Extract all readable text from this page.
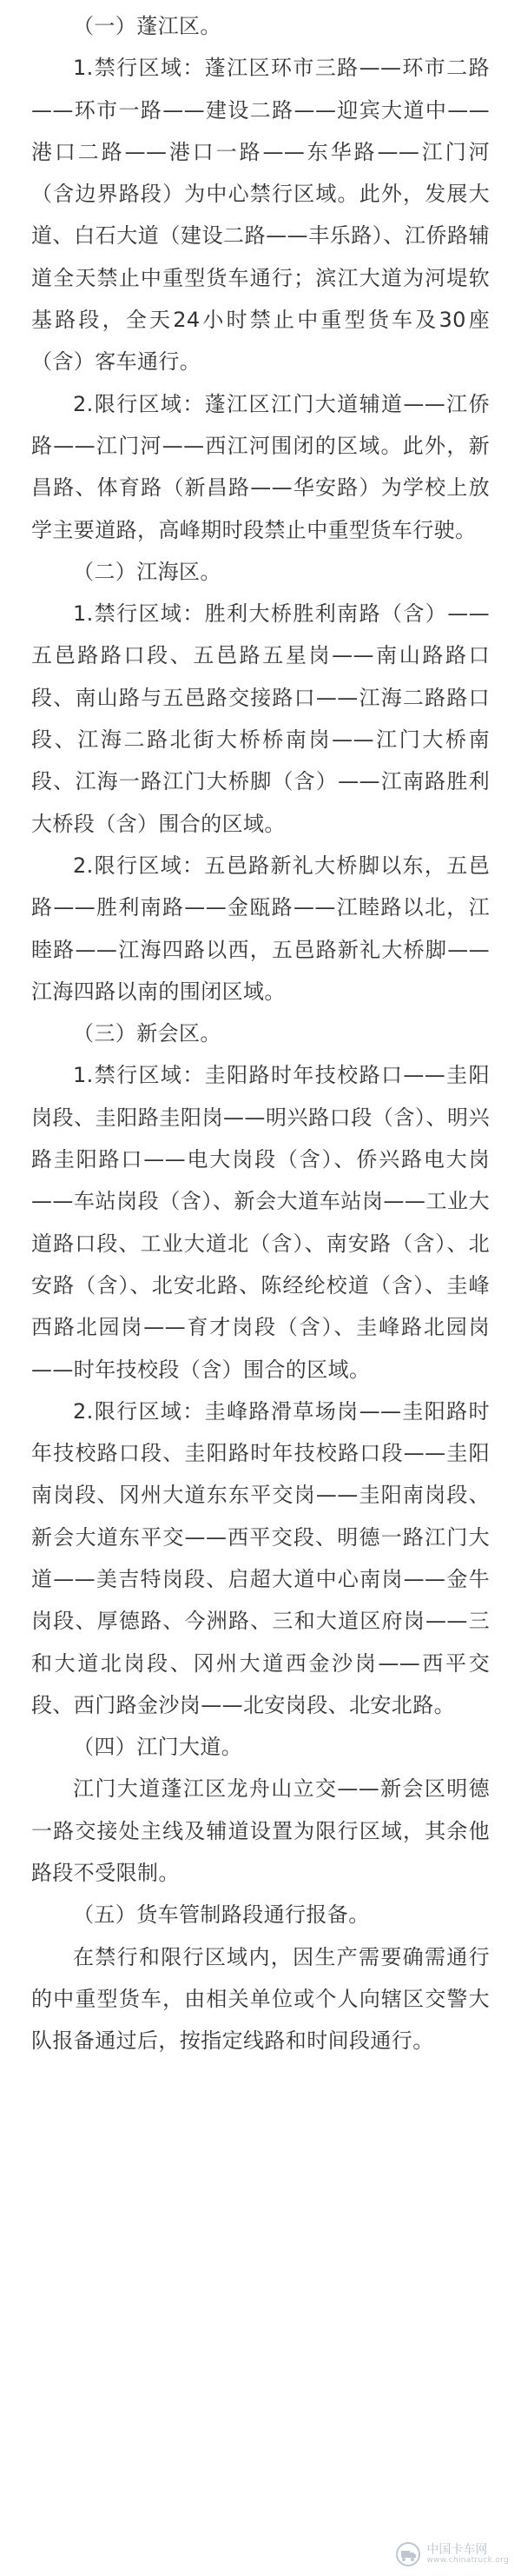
（一）蓬江区。

1.禁行区域：蓬江区环市三路——环市二路——环市一路——建设二路——迎宾大道中——港口二路——港口一路——东华路——江门河（含边界路段）为中心禁行区域。此外，发展大道、白石大道（建设二路——丰乐路）、江侨路辅道全天禁止中重型货车通行；滨江大道为河堤软基路段，全天24小时禁止中重型货车及30座（含）客车通行。

2.限行区域：蓬江区江门大道辅道——江侨路——江门河——西江河围闭的区域。此外，新昌路、体育路（新昌路——华安路）为学校上放学主要道路，高峰期时段禁止中重型货车行驶。

（二）江海区。

1.禁行区域：胜利大桥胜利南路（含）——五邑路路口段、五邑路五星岗——南山路路口段、南山路与五邑路交接路口——江海二路路口段、江海二路北街大桥桥南岗——江门大桥南段、江海一路江门大桥脚（含）——江南路胜利大桥段（含）围合的区域。

2.限行区域：五邑路新礼大桥脚以东，五邑路——胜利南路——金瓯路——江睦路以北，江睦路——江海四路以西，五邑路新礼大桥脚——江海四路以南的围闭区域。

（三）新会区。

1.禁行区域：圭阳路时年技校路口——圭阳岗段、圭阳路圭阳岗——明兴路口段（含）、明兴路圭阳路口——电大岗段（含）、侨兴路电大岗——车站岗段（含）、新会大道车站岗——工业大道路口段、工业大道北（含）、南安路（含）、北安路（含）、北安北路、陈经纶校道（含）、圭峰西路北园岗——育才岗段（含）、圭峰路北园岗——时年技校段（含）围合的区域。

2.限行区域：圭峰路滑草场岗——圭阳路时年技校路口段、圭阳路时年技校路口段——圭阳南岗段、冈州大道东东平交岗——圭阳南岗段、新会大道东平交——西平交段、明德一路江门大道——美吉特岗段、启超大道中心南岗——金牛岗段、厚德路、今洲路、三和大道区府岗——三和大道北岗段、冈州大道西金沙岗——西平交段、西门路金沙岗——北安岗段、北安北路。

（四）江门大道。

江门大道蓬江区龙舟山立交——新会区明德一路交接处主线及辅道设置为限行区域，其余他路段不受限制。

（五）货车管制路段通行报备。

在禁行和限行区域内，因生产需要确需通行的中重型货车，由相关单位或个人向辖区交警大队报备通过后，按指定线路和时间段通行。

中国卡车网
www.chinatruck.org
